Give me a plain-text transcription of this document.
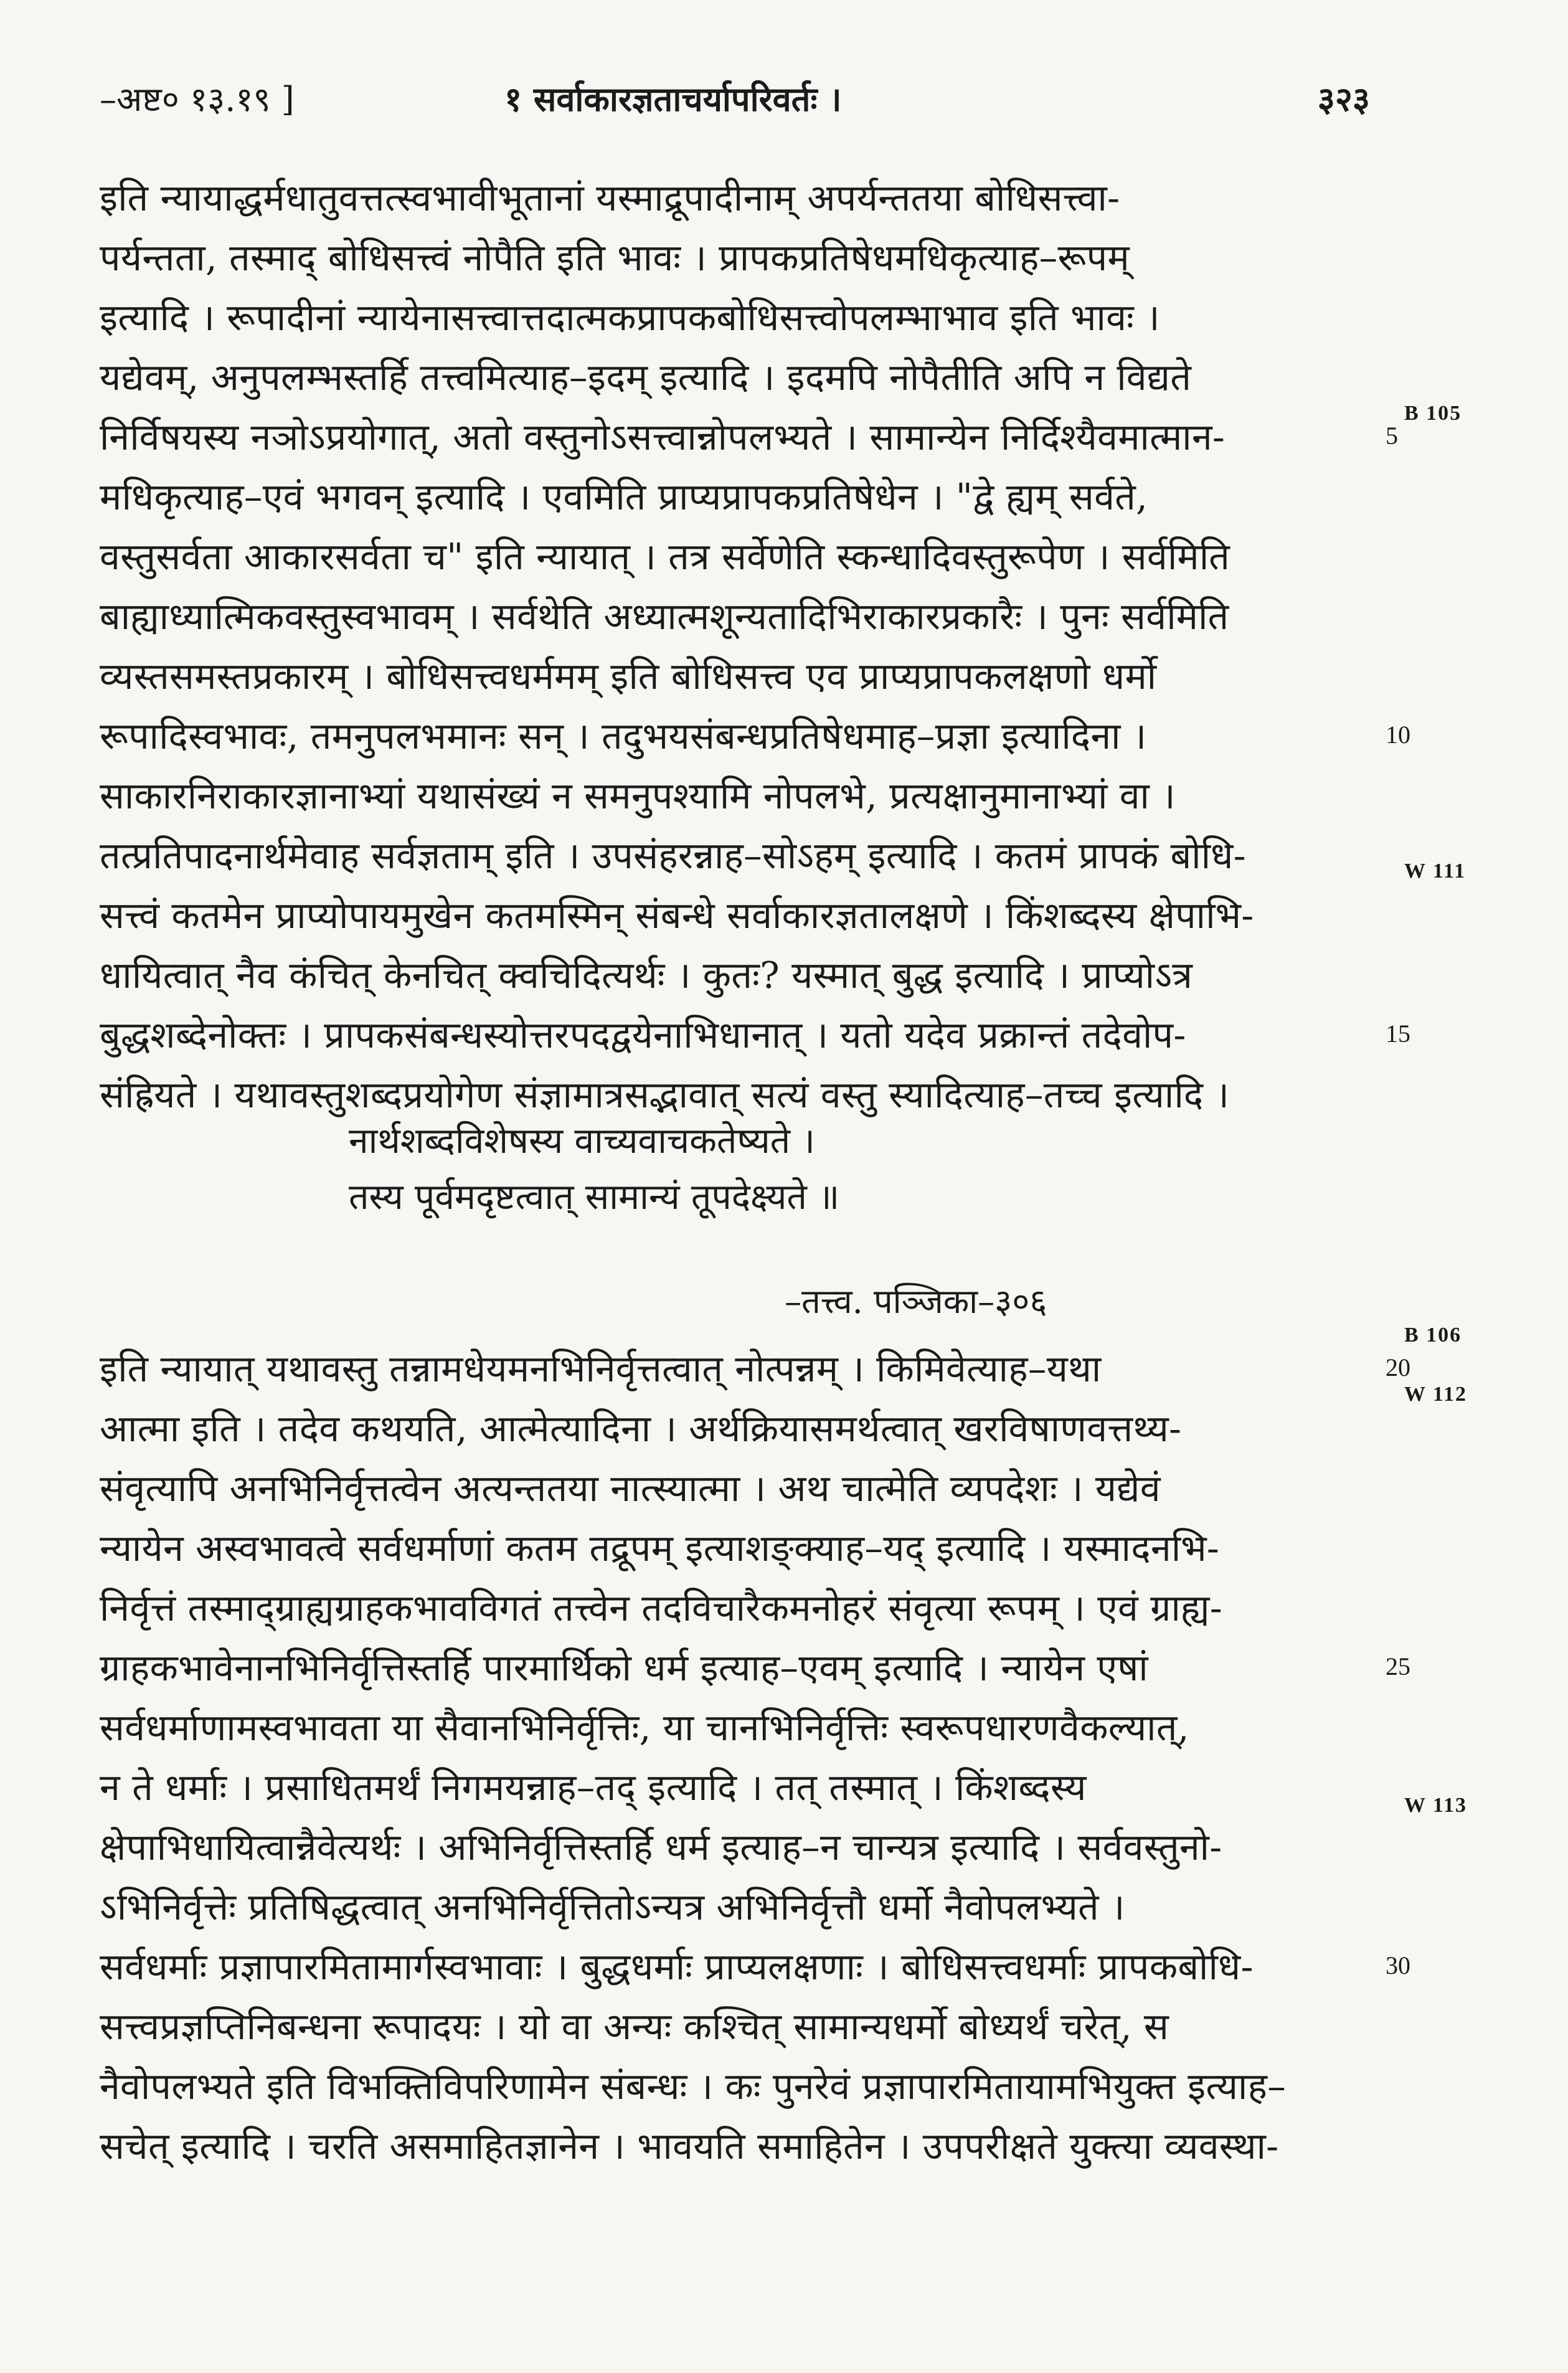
–अष्ट० १३.१९ ]	१ सर्वाकारज्ञताचर्यापरिवर्तः ।	३२३
इति न्यायाद्धर्मधातुवत्तत्स्वभावीभूतानां यस्माद्रूपादीनाम् अपर्यन्ततया बोधिसत्त्वा-
पर्यन्तता, तस्माद् बोधिसत्त्वं नोपैति इति भावः । प्रापकप्रतिषेधमधिकृत्याह–रूपम्
इत्यादि । रूपादीनां न्यायेनासत्त्वात्तदात्मकप्रापकबोधिसत्त्वोपलम्भाभाव इति भावः ।
यद्येवम्, अनुपलम्भस्तर्हि तत्त्वमित्याह–इदम् इत्यादि । इदमपि नोपैतीति अपि न विद्यते
निर्विषयस्य नञोऽप्रयोगात्, अतो वस्तुनोऽसत्त्वान्नोपलभ्यते । सामान्येन निर्दिश्यैवमात्मान-	5
मधिकृत्याह–एवं भगवन् इत्यादि । एवमिति प्राप्यप्रापकप्रतिषेधेन । "द्वे ह्यम् सर्वते,
वस्तुसर्वता आकारसर्वता च" इति न्यायात् । तत्र सर्वेणेति स्कन्धादिवस्तुरूपेण । सर्वमिति
बाह्याध्यात्मिकवस्तुस्वभावम् । सर्वथेति अध्यात्मशून्यतादिभिराकारप्रकारैः । पुनः सर्वमिति
व्यस्तसमस्तप्रकारम् । बोधिसत्त्वधर्ममम् इति बोधिसत्त्व एव प्राप्यप्रापकलक्षणो धर्मो
रूपादिस्वभावः, तमनुपलभमानः सन् । तदुभयसंबन्धप्रतिषेधमाह–प्रज्ञा इत्यादिना ।	10
साकारनिराकारज्ञानाभ्यां यथासंख्यं न समनुपश्यामि नोपलभे, प्रत्यक्षानुमानाभ्यां वा ।
तत्प्रतिपादनार्थमेवाह सर्वज्ञताम् इति । उपसंहरन्नाह–सोऽहम् इत्यादि । कतमं प्रापकं बोधि-
सत्त्वं कतमेन प्राप्योपायमुखेन कतमस्मिन् संबन्धे सर्वाकारज्ञतालक्षणे । किंशब्दस्य क्षेपाभि-
धायित्वात् नैव कंचित् केनचित् क्वचिदित्यर्थः । कुतः? यस्मात् बुद्ध इत्यादि । प्राप्योऽत्र
बुद्धशब्देनोक्तः । प्रापकसंबन्धस्योत्तरपदद्वयेनाभिधानात् । यतो यदेव प्रक्रान्तं तदेवोप-	15
संह्रियते । यथावस्तुशब्दप्रयोगेण संज्ञामात्रसद्भावात् सत्यं वस्तु स्यादित्याह–तच्च इत्यादि ।
नार्थशब्दविशेषस्य वाच्यवाचकतेष्यते ।
तस्य पूर्वमदृष्टत्वात् सामान्यं तूपदेक्ष्यते ॥
–तत्त्व. पञ्जिका–३०६
इति न्यायात् यथावस्तु तन्नामधेयमनभिनिर्वृत्तत्वात् नोत्पन्नम् । किमिवेत्याह–यथा	20
आत्मा इति । तदेव कथयति, आत्मेत्यादिना । अर्थक्रियासमर्थत्वात् खरविषाणवत्तथ्य-
संवृत्यापि अनभिनिर्वृत्तत्वेन अत्यन्ततया नात्स्यात्मा । अथ चात्मेति व्यपदेशः । यद्येवं
न्यायेन अस्वभावत्वे सर्वधर्माणां कतम तद्रूपम् इत्याशङ्क्याह–यद् इत्यादि । यस्मादनभि-
निर्वृत्तं तस्माद्ग्राह्यग्राहकभावविगतं तत्त्वेन तदविचारैकमनोहरं संवृत्या रूपम् । एवं ग्राह्य-
ग्राहकभावेनानभिनिर्वृत्तिस्तर्हि पारमार्थिको धर्म इत्याह–एवम् इत्यादि । न्यायेन एषां	25
सर्वधर्माणामस्वभावता या सैवानभिनिर्वृत्तिः, या चानभिनिर्वृत्तिः स्वरूपधारणवैकल्यात्,
न ते धर्माः । प्रसाधितमर्थं निगमयन्नाह–तद् इत्यादि । तत् तस्मात् । किंशब्दस्य
क्षेपाभिधायित्वान्नैवेत्यर्थः । अभिनिर्वृत्तिस्तर्हि धर्म इत्याह–न चान्यत्र इत्यादि । सर्ववस्तुनो-
ऽभिनिर्वृत्तेः प्रतिषिद्धत्वात् अनभिनिर्वृत्तितोऽन्यत्र अभिनिर्वृत्तौ धर्मो नैवोपलभ्यते ।
सर्वधर्माः प्रज्ञापारमितामार्गस्वभावाः । बुद्धधर्माः प्राप्यलक्षणाः । बोधिसत्त्वधर्माः प्रापकबोधि-	30
सत्त्वप्रज्ञप्तिनिबन्धना रूपादयः । यो वा अन्यः कश्चित् सामान्यधर्मो बोध्यर्थं चरेत्, स
नैवोपलभ्यते इति विभक्तिविपरिणामेन संबन्धः । कः पुनरेवं प्रज्ञापारमितायामभियुक्त इत्याह–
सचेत् इत्यादि । चरति असमाहितज्ञानेन । भावयति समाहितेन । उपपरीक्षते युक्त्या व्यवस्था-
B 105
W 111
B 106
W 112
W 113
